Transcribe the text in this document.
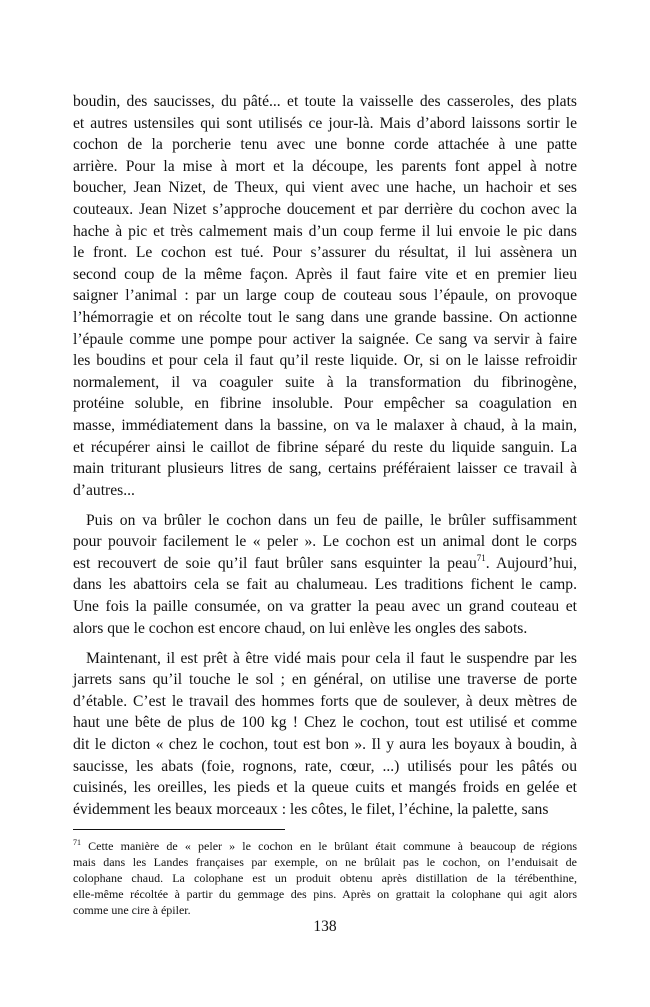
boudin, des saucisses, du pâté... et toute la vaisselle des casseroles, des plats
et autres ustensiles qui sont utilisés ce jour-là. Mais d’abord laissons sortir le
cochon de la porcherie tenu avec une bonne corde attachée à une patte
arrière. Pour la mise à mort et la découpe, les parents font appel à notre
boucher, Jean Nizet, de Theux, qui vient avec une hache, un hachoir et ses
couteaux. Jean Nizet s’approche doucement et par derrière du cochon avec la
hache à pic et très calmement mais d’un coup ferme il lui envoie le pic dans
le front. Le cochon est tué. Pour s’assurer du résultat, il lui assènera un
second coup de la même façon. Après il faut faire vite et en premier lieu
saigner l’animal : par un large coup de couteau sous l’épaule, on provoque
l’hémorragie et on récolte tout le sang dans une grande bassine. On actionne
l’épaule comme une pompe pour activer la saignée. Ce sang va servir à faire
les boudins et pour cela il faut qu’il reste liquide. Or, si on le laisse refroidir
normalement, il va coaguler suite à la transformation du fibrinogène,
protéine soluble, en fibrine insoluble. Pour empêcher sa coagulation en
masse, immédiatement dans la bassine, on va le malaxer à chaud, à la main,
et récupérer ainsi le caillot de fibrine séparé du reste du liquide sanguin. La
main triturant plusieurs litres de sang, certains préféraient laisser ce travail à
d’autres...
Puis on va brûler le cochon dans un feu de paille, le brûler suffisamment
pour pouvoir facilement le « peler ». Le cochon est un animal dont le corps
est recouvert de soie qu’il faut brûler sans esquinter la peau$^{71}$. Aujourd’hui,
dans les abattoirs cela se fait au chalumeau. Les traditions fichent le camp.
Une fois la paille consumée, on va gratter la peau avec un grand couteau et
alors que le cochon est encore chaud, on lui enlève les ongles des sabots.
Maintenant, il est prêt à être vidé mais pour cela il faut le suspendre par les
jarrets sans qu’il touche le sol ; en général, on utilise une traverse de porte
d’étable. C’est le travail des hommes forts que de soulever, à deux mètres de
haut une bête de plus de 100 kg ! Chez le cochon, tout est utilisé et comme
dit le dicton « chez le cochon, tout est bon ». Il y aura les boyaux à boudin, à
saucisse, les abats (foie, rognons, rate, cœur, ...) utilisés pour les pâtés ou
cuisinés, les oreilles, les pieds et la queue cuits et mangés froids en gelée et
évidemment les beaux morceaux : les côtes, le filet, l’échine, la palette, sans
$^{71}$ Cette manière de « peler » le cochon en le brûlant était commune à beaucoup de régions
mais dans les Landes françaises par exemple, on ne brûlait pas le cochon, on l’enduisait de
colophane chaud. La colophane est un produit obtenu après distillation de la térébenthine,
elle-même récoltée à partir du gemmage des pins. Après on grattait la colophane qui agit alors
comme une cire à épiler.
138
